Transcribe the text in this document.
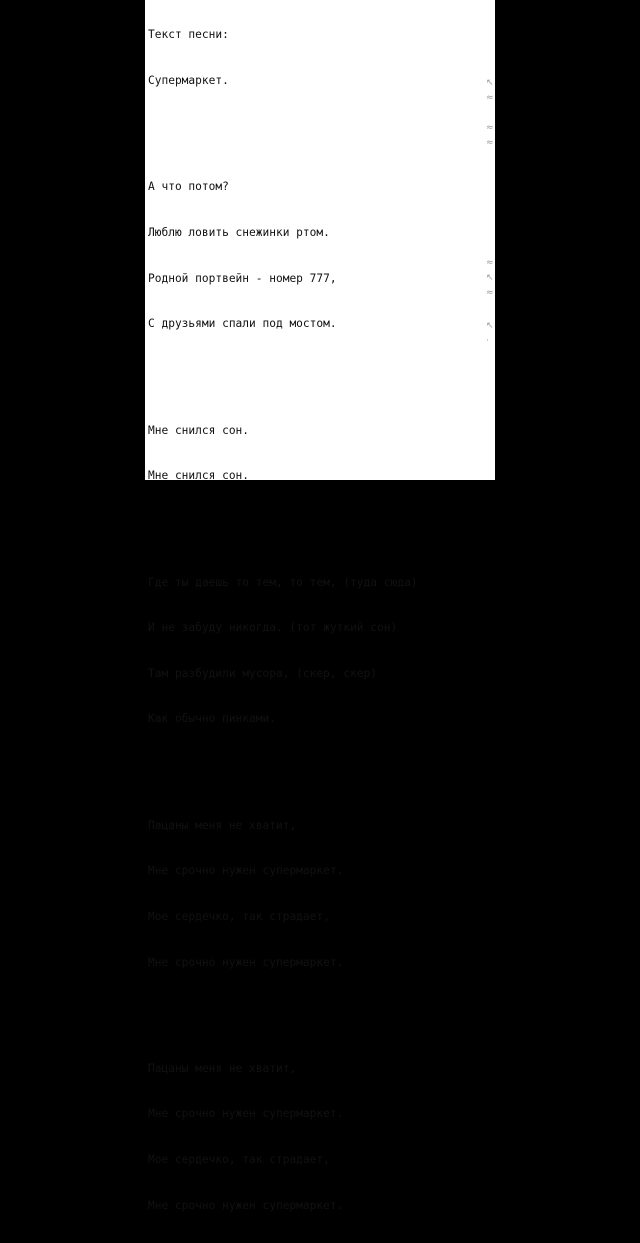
Текст песни:

Супермаркет.

А что потом?

Люблю ловить снежинки ртом.

Родной портвейн - номер 777,

С друзьями спали под мостом.

Мне снился сон.

Мне снился сон.

Где ты даешь то тем, то тем, (туда сюда)

И не забуду никогда. (тот жуткий сон)

Там разбудили мусора, (скер, скер)

Как обычно пинками.

Пацаны меня не хватит,

Мне срочно нужен супермаркет.

Мое сердечко, так страдает,

Мне срочно нужен супермаркет.

Пацаны меня не хватит,

Мне срочно нужен супермаркет.

Мое сердечко, так страдает,

Мне срочно нужен супермаркет.

↖
≈
≈
≈
≈
↖
≈
↖
·
